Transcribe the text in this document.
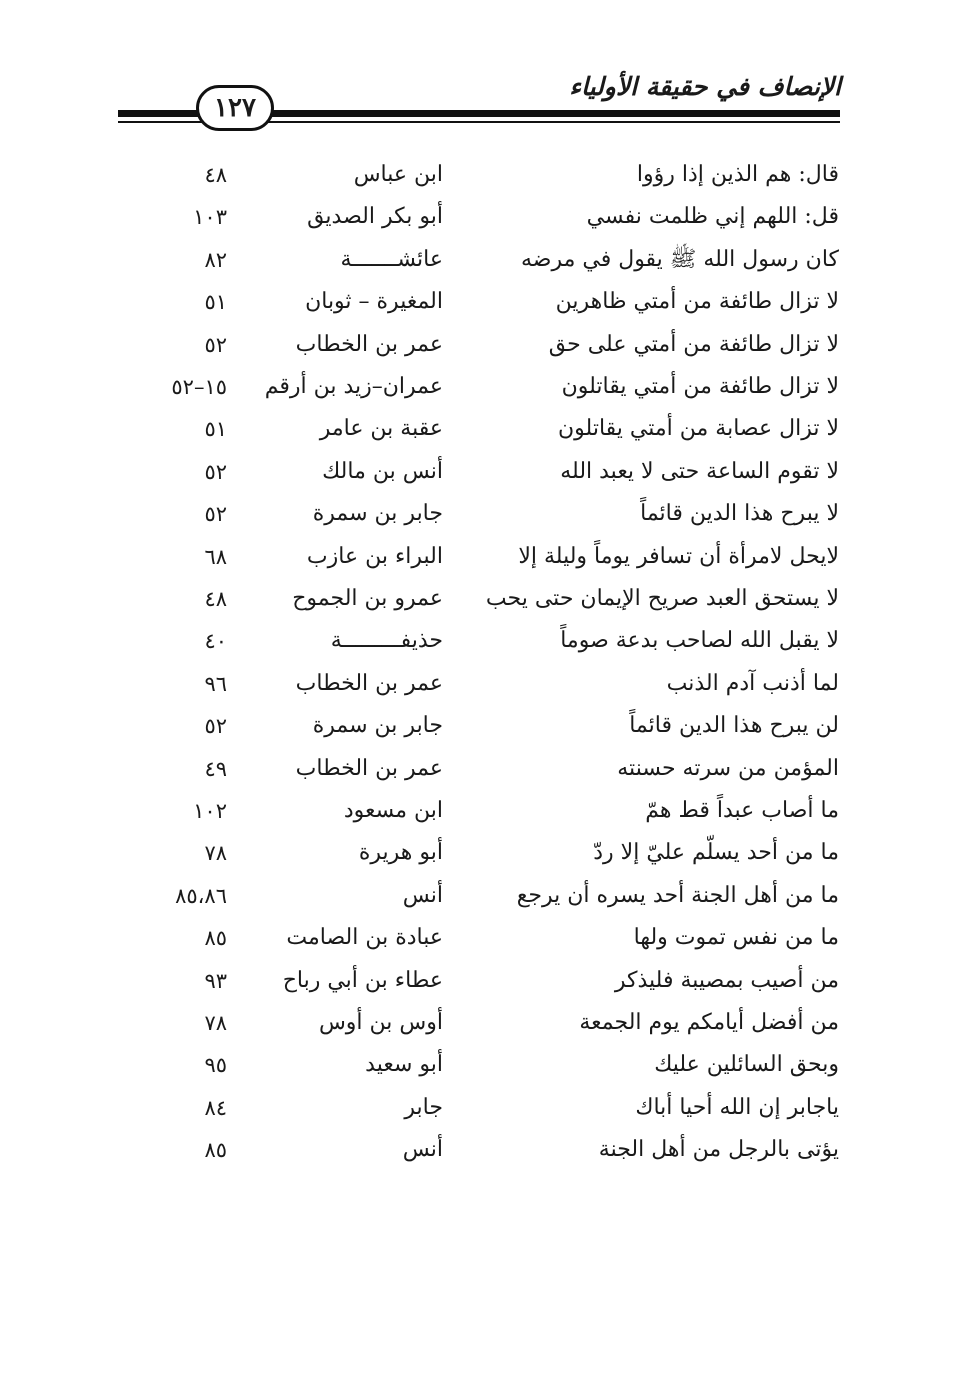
الإنصاف في حقيقة الأولياء
١٢٧
قال: هم الذين إذا رؤوا
ابن عباس
٤٨
قل: اللهم إني ظلمت نفسي
أبو بكر الصديق
١٠٣
كان رسول الله ﷺ يقول في مرضه
عائشـــــــة
٨٢
لا تزال طائفة من أمتي ظاهرين
المغيرة – ثوبان
٥١
لا تزال طائفة من أمتي على حق
عمر بن الخطاب
٥٢
لا تزال طائفة من أمتي يقاتلون
عمران–زيد بن أرقم
١٥–٥٢
لا تزال عصابة من أمتي يقاتلون
عقبة بن عامر
٥١
لا تقوم الساعة حتى لا يعبد الله
أنس بن مالك
٥٢
لا يبرح هذا الدين قائماً
جابر بن سمرة
٥٢
لايحل لامرأة أن تسافر يوماً وليلة إلا
البراء بن عازب
٦٨
لا يستحق العبد صريح الإيمان حتى يحب
عمرو بن الجموح
٤٨
لا يقبل الله لصاحب بدعة صوماً
حذيفـــــــــة
٤٠
لما أذنب آدم الذنب
عمر بن الخطاب
٩٦
لن يبرح هذا الدين قائماً
جابر بن سمرة
٥٢
المؤمن من سرته حسنته
عمر بن الخطاب
٤٩
ما أصاب عبداً قط همّ
ابن مسعود
١٠٢
ما من أحد يسلّم عليّ إلا ردّ
أبو هريرة
٧٨
ما من أهل الجنة أحد يسره أن يرجع
أنس
٨٥،٨٦
ما من نفس تموت ولها
عبادة بن الصامت
٨٥
من أصيب بمصيبة فليذكر
عطاء بن أبي رباح
٩٣
من أفضل أيامكم يوم الجمعة
أوس بن أوس
٧٨
وبحق السائلين عليك
أبو سعيد
٩٥
ياجابر إن الله أحيا أباك
جابر
٨٤
يؤتى بالرجل من أهل الجنة
أنس
٨٥
